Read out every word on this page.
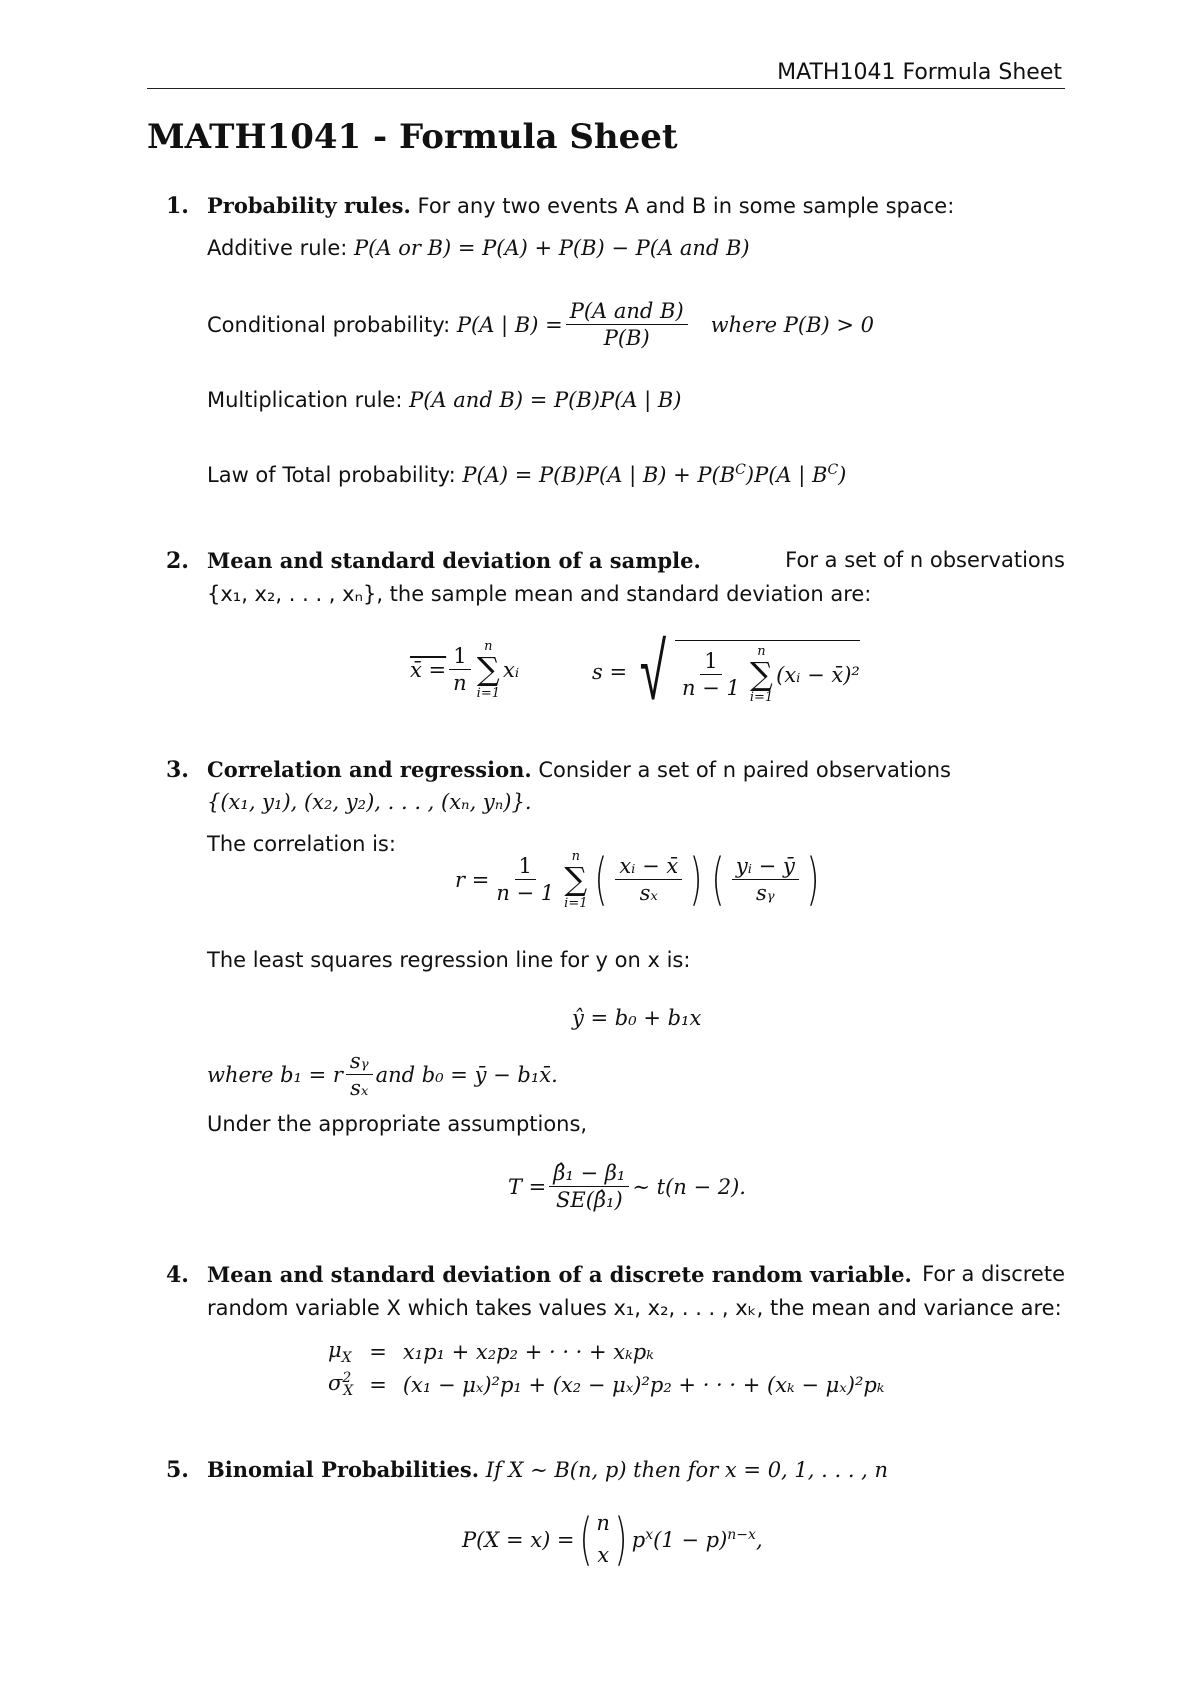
MATH1041 Formula Sheet
MATH1041 - Formula Sheet
1. Probability rules. For any two events A and B in some sample space:
Additive rule: P(A or B) = P(A) + P(B) − P(A and B)
Conditional probability:
P(A | $B) = \frac{\text{P(A and B)}}{P(B)}$
where P(B) > 0
Multiplication rule: P(A and B) = P(B)P(A | B)
Law of Total probability: P(A) = P(B)P(A | $B) + P(B^C)P(A$ | $B^C$)
2. Mean and standard deviation of a sample.	For a set of n observations
{x₁, x₂, . . . , xₙ}, the sample mean and standard deviation are:
x̄ = $\frac{1}{n}$ n
∑
i=1
xᵢ	s = √ $\frac{1}{n - 1}$ n
∑
i=1
(xᵢ − x̄)²
3. Correlation and regression. Consider a set of n paired observations
{(x₁, y₁), (x₂, y₂), . . . , (xₙ, yₙ)}.
The correlation is:
$r = \frac{1}{n - 1}$ n
∑
i=1 ( $\frac{\text{xᵢ − x̄}}{\text{sₓ}}$ ) ( $\frac{\text{yᵢ − ȳ}}{\text{sᵧ}}$ )
The least squares regression line for y on x is:
ŷ = b₀ + b₁x
where b₁ = r $\frac{\text{sᵧ}}{\text{sₓ}}$ and b₀ = ȳ − b₁x̄.
Under the appropriate assumptions,
$T = \frac{\text{β̂₁ − β₁}}{\text{SE(β̂₁)}}$ ∼ t(n − 2).
4. Mean and standard deviation of a discrete random variable. For a discrete
random variable X which takes values x₁, x₂, . . . , xₖ, the mean and variance are:
$\mu_X$	=	x₁p₁ + x₂p₂ + · · · + xₖpₖ
$\sigma^2_X$	=	(x₁ − μₓ)²p₁ + (x₂ − μₓ)²p₂ + · · · + (xₖ − μₓ)²pₖ
5. Binomial Probabilities. If X ∼ B(n, p) then for x = 0, 1, . . . , n
P(X = x) = ( n
x ) $p^x(1 - p)^{n-x}$,
